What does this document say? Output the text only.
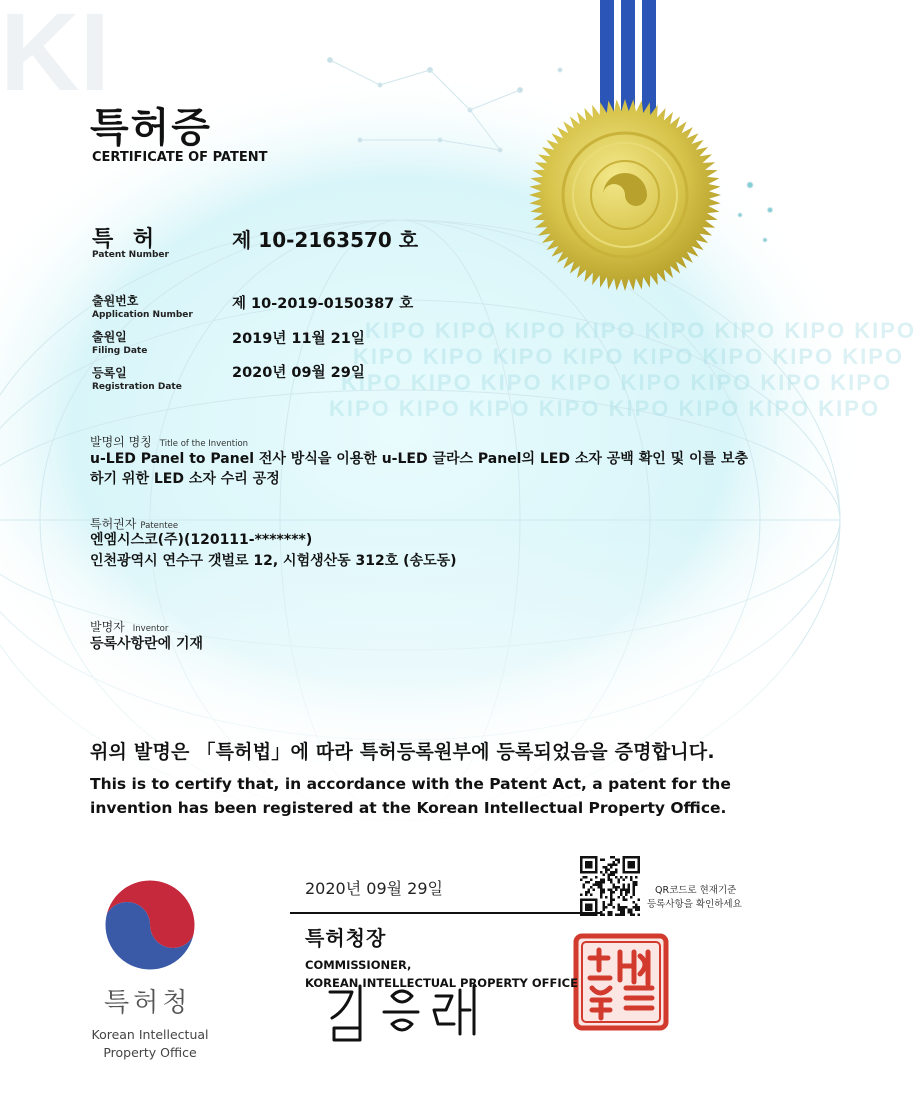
KI
KIPO KIPO KIPO KIPO KIPO KIPO KIPO KIPO
KIPO KIPO KIPO KIPO KIPO KIPO KIPO KIPO
KIPO KIPO KIPO KIPO KIPO KIPO KIPO KIPO
KIPO KIPO KIPO KIPO KIPO KIPO KIPO KIPO
특허증
CERTIFICATE OF PATENT
특 허
Patent Number
제 10-2163570 호
출원번호
Application Number
제 10-2019-0150387 호
출원일
Filing Date
2019년 11월 21일
등록일
Registration Date
2020년 09월 29일
발명의 명칭 Title of the Invention
u-LED Panel to Panel 전사 방식을 이용한 u-LED 글라스 Panel의 LED 소자 공백 확인 및 이를 보충
하기 위한 LED 소자 수리 공정
특허권자 Patentee
엔엠시스코(주)(120111-*******)
인천광역시 연수구 갯벌로 12, 시험생산동 312호 (송도동)
발명자 Inventor
등록사항란에 기재
위의 발명은 「특허법」에 따라 특허등록원부에 등록되었음을 증명합니다.
This is to certify that, in accordance with the Patent Act, a patent for the invention has been registered at the Korean Intellectual Property Office.
2020년 09월 29일	QR코드로 현재기준
등록사항을 확인하세요
특허청장
COMMISSIONER,
KOREAN INTELLECTUAL PROPERTY OFFICE
특허청
Korean Intellectual Property Office
